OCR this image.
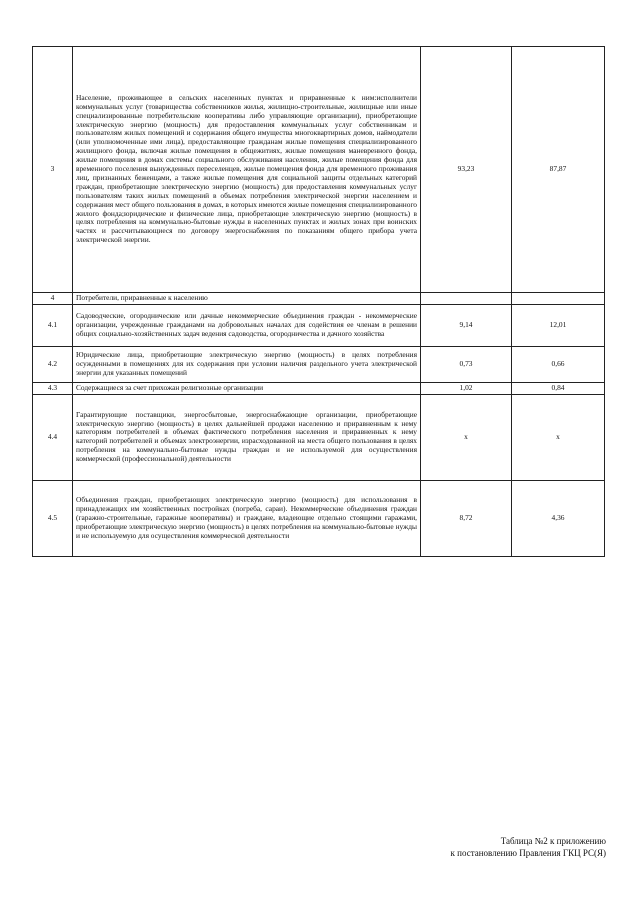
3	Население, проживающее в сельских населенных пунктах и приравненные к ним:исполнители коммунальных услуг (товарищества собственников жилья, жилищно-строительные, жилищные или иные специализированные потребительские кооперативы либо управляющие организации), приобретающие электрическую энергию (мощность) для предоставления коммунальных услуг собственникам и пользователям жилых помещений и содержания общего имущества многоквартирных домов, наймодатели (или уполномоченные ими лица), предоставляющие гражданам жилые помещения специализированного жилищного фонда, включая жилые помещения в общежитиях, жилые помещения маневренного фонда, жилые помещения в домах системы социального обслуживания населения, жилые помещения фонда для временного поселения вынужденных переселенцев, жилые помещения фонда для временного проживания лиц, признанных беженцами, а также жилые помещения для социальной защиты отдельных категорий граждан, приобретающие электрическую энергию (мощность) для предоставления коммунальных услуг пользователям таких жилых помещений в объемах потребления электрической энергии населением и содержания мест общего пользования в домах, в которых имеются жилые помещения специализированного жилого фонда;юридические и физические лица, приобретающие электрическую энергию (мощность) в целях потребления на коммунально-бытовые нужды в населенных пунктах и жилых зонах при воинских частях и рассчитывающиеся по договору энергоснабжения по показаниям общего прибора учета электрической энергии.	93,23	87,87
4	Потребители, приравненные к населению		
4.1	Садоводческие, огороднические или дачные некоммерческие объединения граждан - некоммерческие организации, учрежденные гражданами на добровольных началах для содействия ее членам в решении общих социально-хозяйственных задач ведения садоводства, огородничества и дачного хозяйства	9,14	12,01
4.2	Юридические лица, приобретающие электрическую энергию (мощность) в целях потребления осужденными в помещениях для их содержания при условии наличия раздельного учета электрической энергии для указанных помещений	0,73	0,66
4.3	Содержащиеся за счет прихожан религиозные организации	1,02	0,84
4.4	Гарантирующие поставщики, энергосбытовые, энергоснабжающие организации, приобретающие электрическую энергию (мощность) в целях дальнейшей продажи населению и приравненным к нему категориям потребителей в объемах фактического потребления населения и приравненных к нему категорий потребителей и объемах электроэнергии, израсходованной на места общего пользования в целях потребления на коммунально-бытовые нужды граждан и не используемой для осуществления коммерческой (профессиональной) деятельности	x	x
4.5	Объединения граждан, приобретающих электрическую энергию (мощность) для использования в принадлежащих им хозяйственных постройках (погреба, сараи). Некоммерческие объединения граждан (гаражно-строительные, гаражные кооперативы) и граждане, владеющие отдельно стоящими гаражами, приобретающие электрическую энергию (мощность) в целях потребления на коммунально-бытовые нужды и не используемую для осуществления коммерческой деятельности	8,72	4,36
Таблица №2 к приложению
к постановлению Правления ГКЦ РС(Я)
